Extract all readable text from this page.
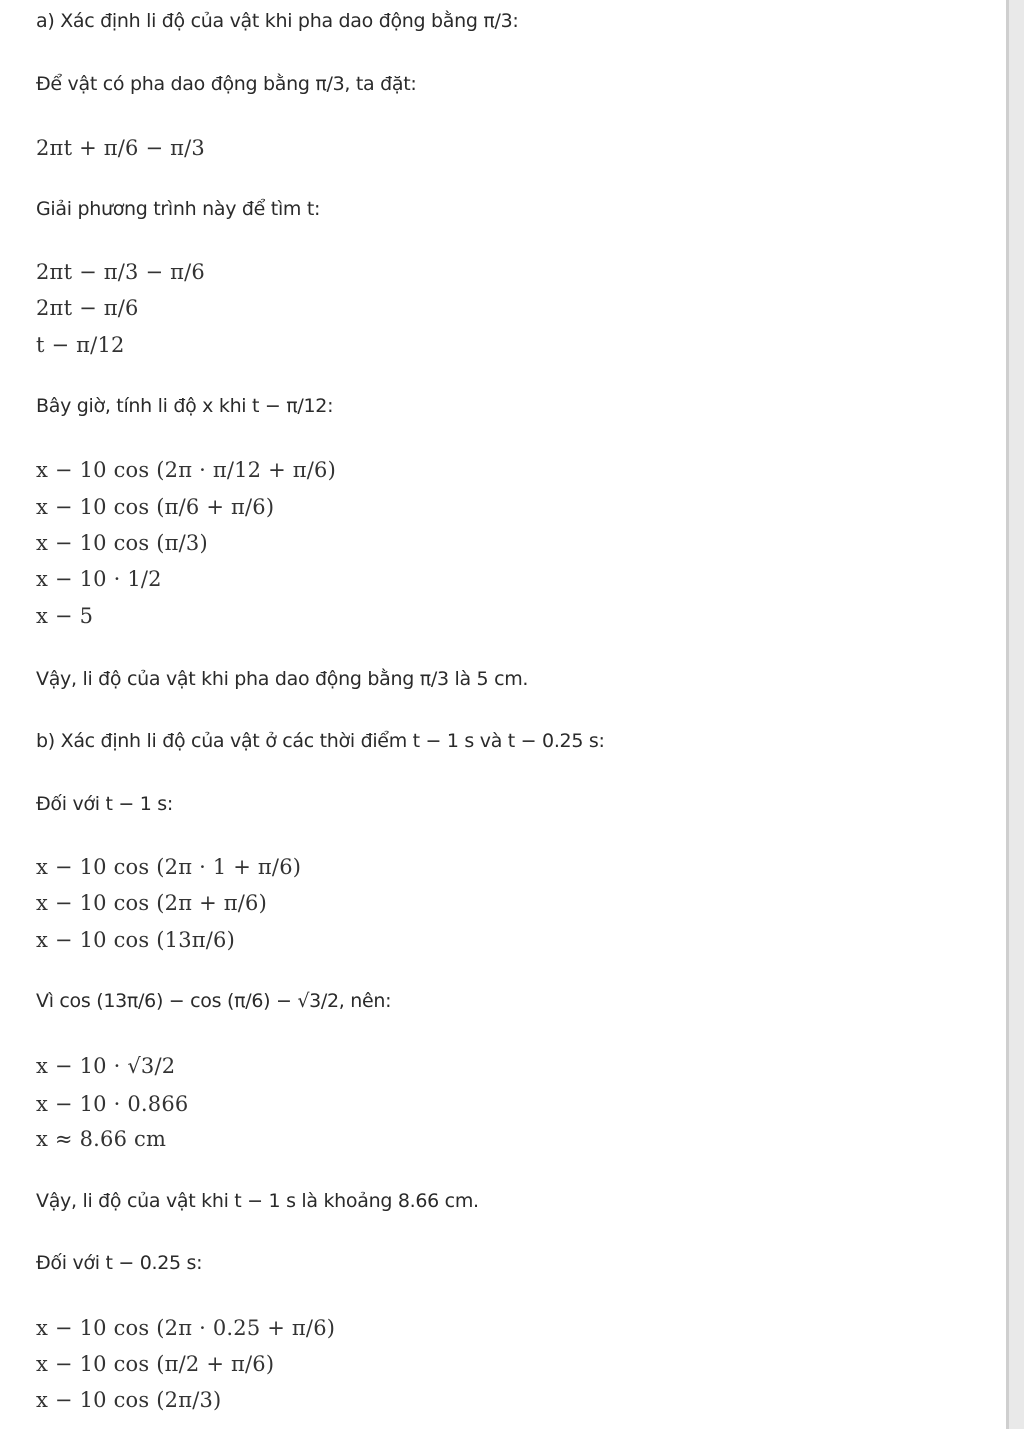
a) Xác định li độ của vật khi pha dao động bằng π/3:
Để vật có pha dao động bằng π/3, ta đặt:
2πt + π/6 − π/3
Giải phương trình này để tìm t:
2πt − π/3 − π/6
2πt − π/6
t − π/12
Bây giờ, tính li độ x khi t − π/12:
x − 10 cos (2π · π/12 + π/6)
x − 10 cos (π/6 + π/6)
x − 10 cos (π/3)
x − 10 · 1/2
x − 5
Vậy, li độ của vật khi pha dao động bằng π/3 là 5 cm.
b) Xác định li độ của vật ở các thời điểm t − 1 s và t − 0.25 s:
Đối với t − 1 s:
x − 10 cos (2π · 1 + π/6)
x − 10 cos (2π + π/6)
x − 10 cos (13π/6)
Vì cos (13π/6) − cos (π/6) − √3/2, nên:
x − 10 · √3/2
x − 10 · 0.866
x ≈ 8.66 cm
Vậy, li độ của vật khi t − 1 s là khoảng 8.66 cm.
Đối với t − 0.25 s:
x − 10 cos (2π · 0.25 + π/6)
x − 10 cos (π/2 + π/6)
x − 10 cos (2π/3)
